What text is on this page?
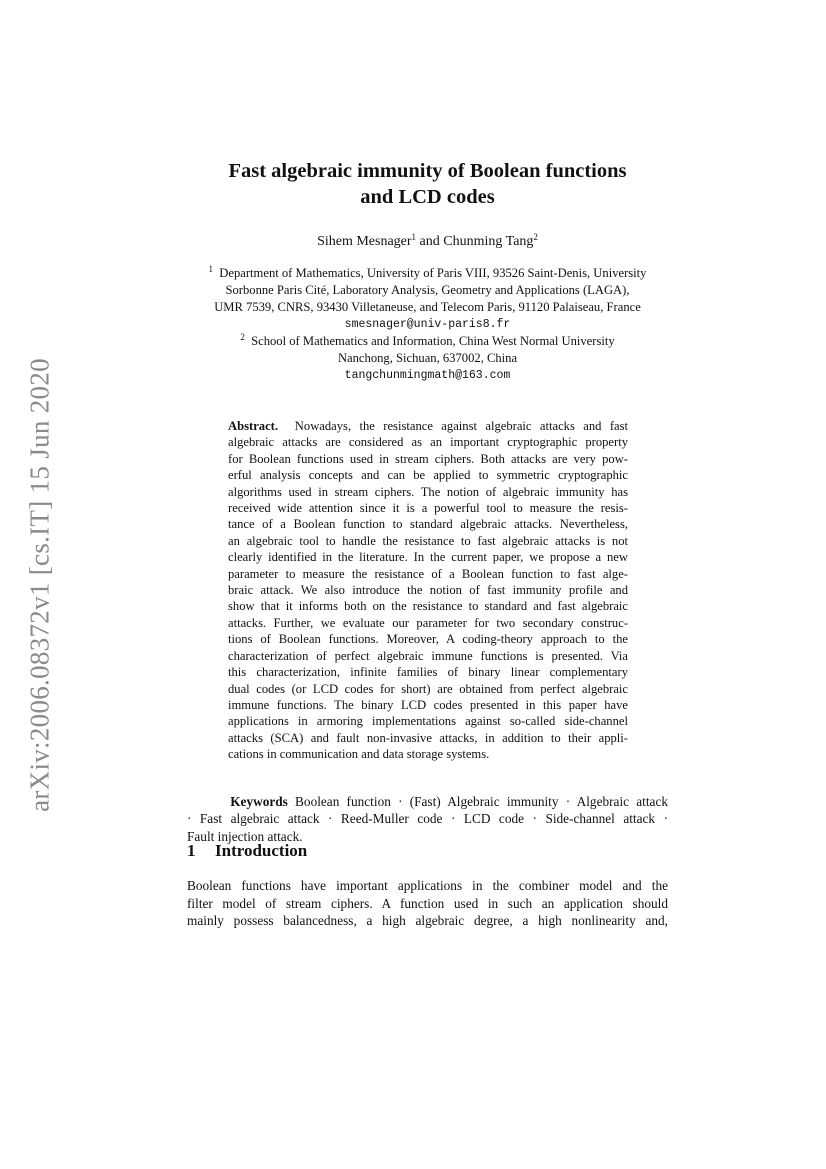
arXiv:2006.08372v1 [cs.IT] 15 Jun 2020
Fast algebraic immunity of Boolean functions
and LCD codes
Sihem Mesnager$^1$ and Chunming Tang$^2$
$^1$ Department of Mathematics, University of Paris VIII, 93526 Saint-Denis, University
Sorbonne Paris Cité, Laboratory Analysis, Geometry and Applications (LAGA),
UMR 7539, CNRS, 93430 Villetaneuse, and Telecom Paris, 91120 Palaiseau, France
smesnager@univ-paris8.fr
$^2$ School of Mathematics and Information, China West Normal University
Nanchong, Sichuan, 637002, China
tangchunmingmath@163.com
Abstract. Nowadays, the resistance against algebraic attacks and fast
algebraic attacks are considered as an important cryptographic property
for Boolean functions used in stream ciphers. Both attacks are very pow-
erful analysis concepts and can be applied to symmetric cryptographic
algorithms used in stream ciphers. The notion of algebraic immunity has
received wide attention since it is a powerful tool to measure the resis-
tance of a Boolean function to standard algebraic attacks. Nevertheless,
an algebraic tool to handle the resistance to fast algebraic attacks is not
clearly identified in the literature. In the current paper, we propose a new
parameter to measure the resistance of a Boolean function to fast alge-
braic attack. We also introduce the notion of fast immunity profile and
show that it informs both on the resistance to standard and fast algebraic
attacks. Further, we evaluate our parameter for two secondary construc-
tions of Boolean functions. Moreover, A coding-theory approach to the
characterization of perfect algebraic immune functions is presented. Via
this characterization, infinite families of binary linear complementary
dual codes (or LCD codes for short) are obtained from perfect algebraic
immune functions. The binary LCD codes presented in this paper have
applications in armoring implementations against so-called side-channel
attacks (SCA) and fault non-invasive attacks, in addition to their appli-
cations in communication and data storage systems.
Keywords Boolean function · (Fast) Algebraic immunity · Algebraic attack
· Fast algebraic attack · Reed-Muller code · LCD code · Side-channel attack ·
Fault injection attack.
1 Introduction
Boolean functions have important applications in the combiner model and the
filter model of stream ciphers. A function used in such an application should
mainly possess balancedness, a high algebraic degree, a high nonlinearity and,
